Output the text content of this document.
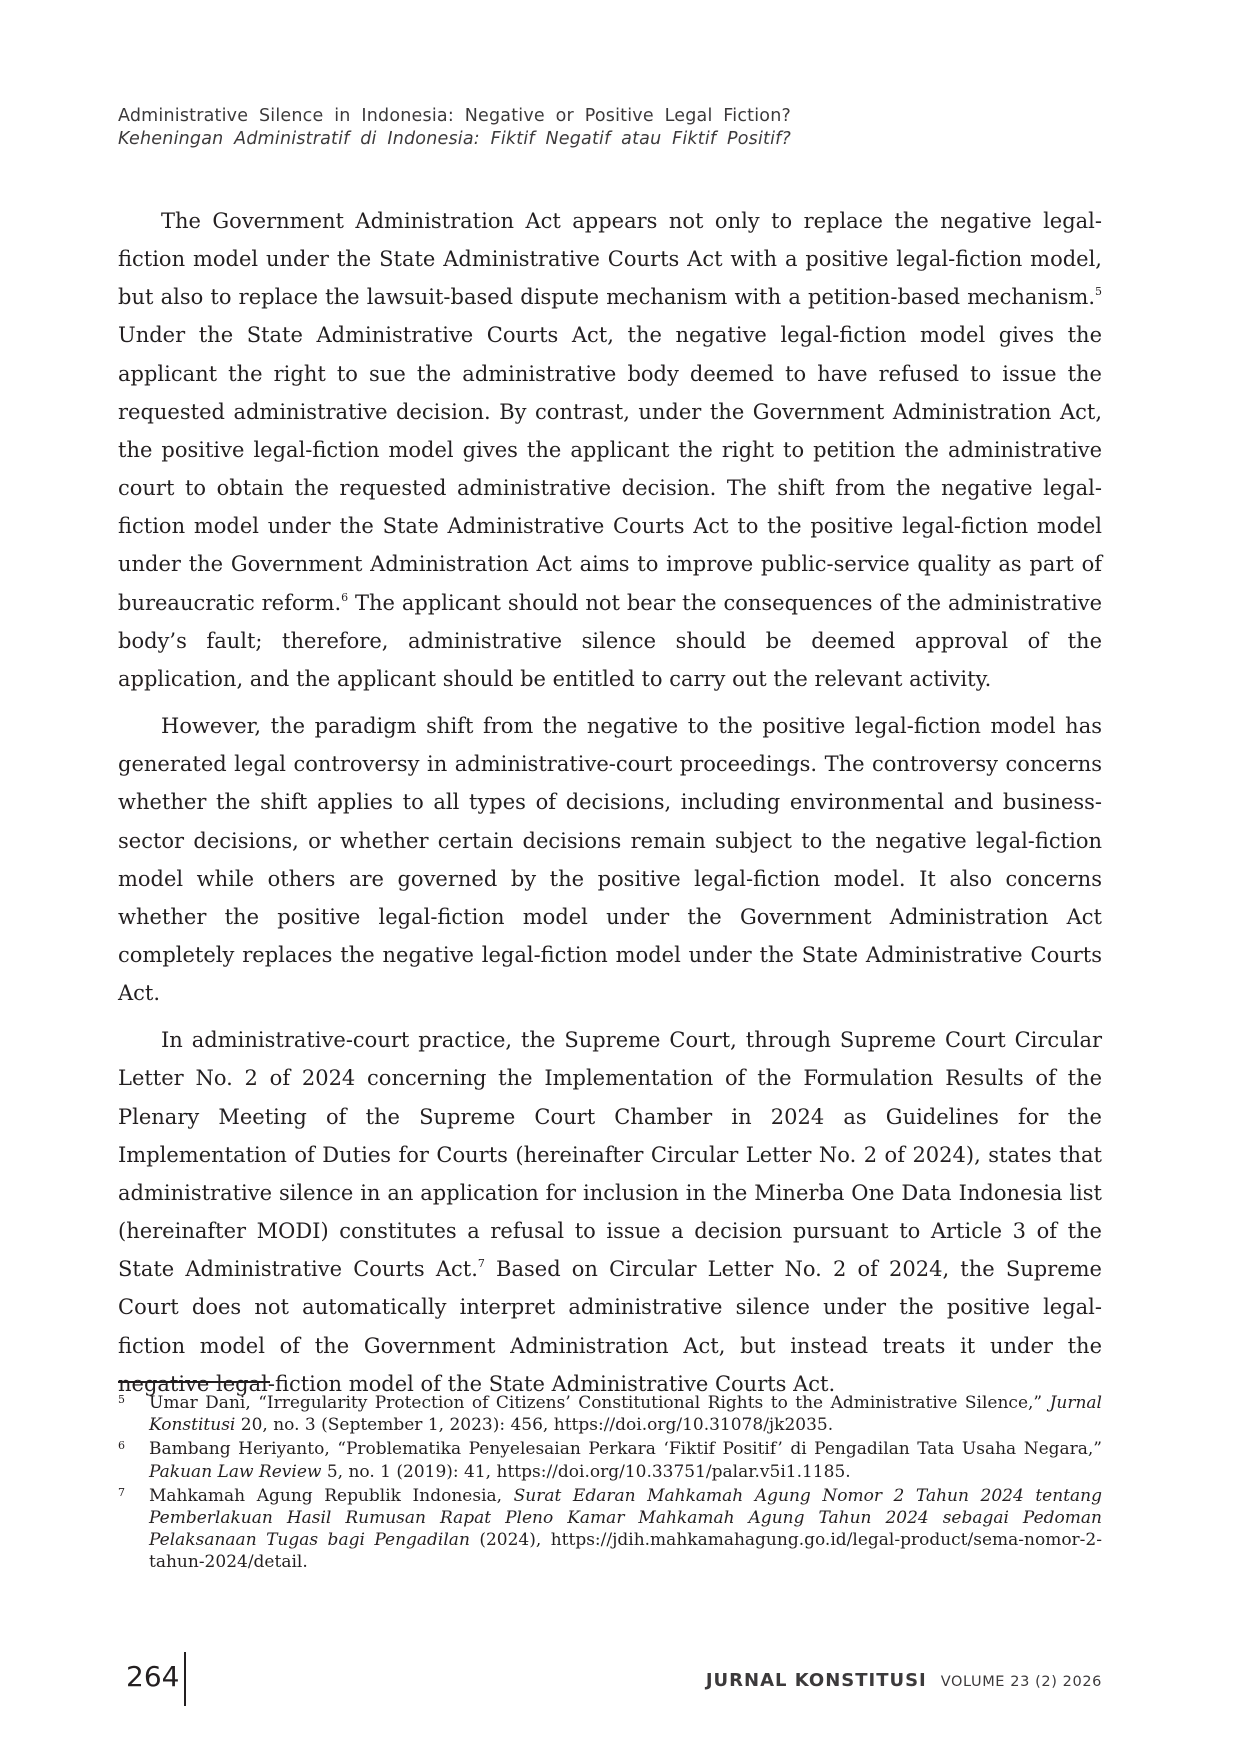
Administrative Silence in Indonesia: Negative or Positive Legal Fiction?
Keheningan Administratif di Indonesia: Fiktif Negatif atau Fiktif Positif?

The Government Administration Act appears not only to replace the negative legal-fiction model under the State Administrative Courts Act with a positive legal-fiction model, but also to replace the lawsuit-based dispute mechanism with a petition-based mechanism.$^5$ Under the State Administrative Courts Act, the negative legal-fiction model gives the applicant the right to sue the administrative body deemed to have refused to issue the requested administrative decision. By contrast, under the Government Administration Act, the positive legal-fiction model gives the applicant the right to petition the administrative court to obtain the requested administrative decision. The shift from the negative legal-fiction model under the State Administrative Courts Act to the positive legal-fiction model under the Government Administration Act aims to improve public-service quality as part of bureaucratic reform.$^6$ The applicant should not bear the consequences of the administrative body’s fault; therefore, administrative silence should be deemed approval of the application, and the applicant should be entitled to carry out the relevant activity.

However, the paradigm shift from the negative to the positive legal-fiction model has generated legal controversy in administrative-court proceedings. The controversy concerns whether the shift applies to all types of decisions, including environmental and business-sector decisions, or whether certain decisions remain subject to the negative legal-fiction model while others are governed by the positive legal-fiction model. It also concerns whether the positive legal-fiction model under the Government Administration Act completely replaces the negative legal-fiction model under the State Administrative Courts Act.

In administrative-court practice, the Supreme Court, through Supreme Court Circular Letter No. 2 of 2024 concerning the Implementation of the Formulation Results of the Plenary Meeting of the Supreme Court Chamber in 2024 as Guidelines for the Implementation of Duties for Courts (hereinafter Circular Letter No. 2 of 2024), states that administrative silence in an application for inclusion in the Minerba One Data Indonesia list (hereinafter MODI) constitutes a refusal to issue a decision pursuant to Article 3 of the State Administrative Courts Act.$^7$ Based on Circular Letter No. 2 of 2024, the Supreme Court does not automatically interpret administrative silence under the positive legal-fiction model of the Government Administration Act, but instead treats it under the negative legal-fiction model of the State Administrative Courts Act.

5	Umar Dani, “Irregularity Protection of Citizens’ Constitutional Rights to the Administrative Silence,” Jurnal Konstitusi 20, no. 3 (September 1, 2023): 456, https://doi.org/10.31078/jk2035.
6	Bambang Heriyanto, “Problematika Penyelesaian Perkara ‘Fiktif Positif’ di Pengadilan Tata Usaha Negara,” Pakuan Law Review 5, no. 1 (2019): 41, https://doi.org/10.33751/palar.v5i1.1185.
7	Mahkamah Agung Republik Indonesia, Surat Edaran Mahkamah Agung Nomor 2 Tahun 2024 tentang Pemberlakuan Hasil Rumusan Rapat Pleno Kamar Mahkamah Agung Tahun 2024 sebagai Pedoman Pelaksanaan Tugas bagi Pengadilan (2024), https://jdih.mahkamahagung.go.id/legal-product/sema-nomor-2-tahun-2024/detail.
264	JURNAL KONSTITUSI VOLUME 23 (2) 2026
